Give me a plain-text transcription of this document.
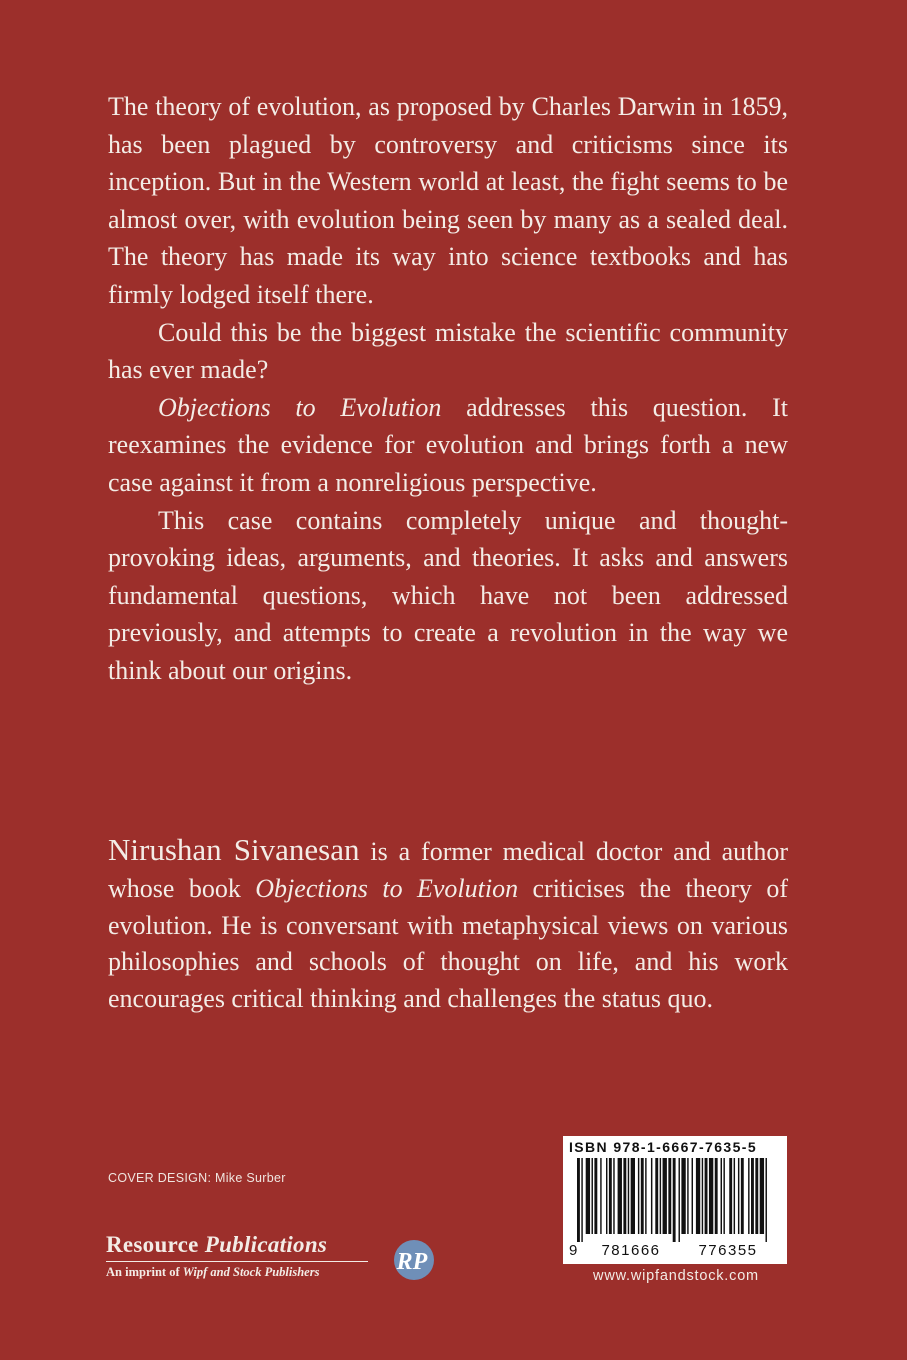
The theory of evolution, as proposed by Charles Darwin in 1859, has been plagued by controversy and criticisms since its inception. But in the Western world at least, the fight seems to be almost over, with evolution being seen by many as a sealed deal. The theory has made its way into science textbooks and has firmly lodged itself there.

Could this be the biggest mistake the scientific community has ever made?

Objections to Evolution addresses this question. It reexamines the evidence for evolution and brings forth a new case against it from a nonreligious perspective.

This case contains completely unique and thought-provoking ideas, arguments, and theories. It asks and answers fundamental questions, which have not been addressed previously, and attempts to create a revolution in the way we think about our origins.

Nirushan Sivanesan is a former medical doctor and author whose book Objections to Evolution criticises the theory of evolution. He is conversant with metaphysical views on various philosophies and schools of thought on life, and his work encourages critical thinking and challenges the status quo.
COVER DESIGN: Mike Surber
Resource Publications
An imprint of Wipf and Stock Publishers	RP
ISBN 978-1-6667-7635-5
9 781666	776355
www.wipfandstock.com
